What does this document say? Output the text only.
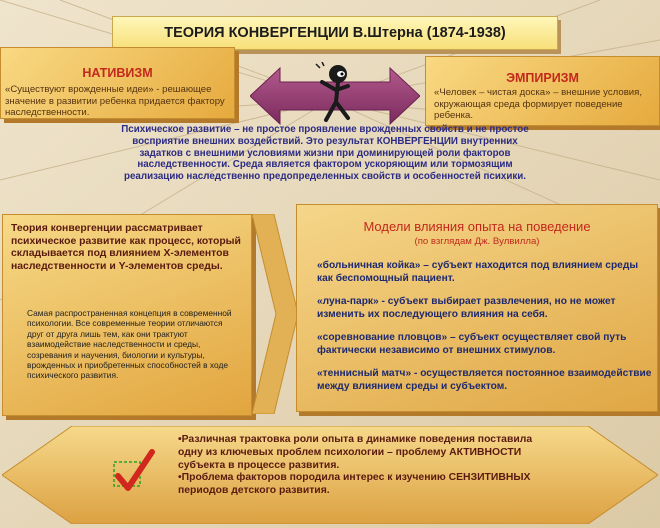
ТЕОРИЯ КОНВЕРГЕНЦИИ В.Штерна (1874-1938)
НАТИВИЗМ
«Существуют врожденные идеи» - решающее значение в развитии ребенка придается фактору наследственности.
ЭМПИРИЗМ
«Человек – чистая доска» – внешние условия, окружающая среда формирует поведение ребенка.
Психическое развитие – не простое проявление врожденных свойств и не простое восприятие внешних воздействий. Это результат КОНВЕРГЕНЦИИ внутренних задатков с внешними условиями жизни при доминирующей роли факторов наследственности. Среда является фактором ускоряющим или тормозящим реализацию наследственно предопределенных свойств и особенностей психики.
Теория конвергенции рассматривает психическое развитие как процесс, который складывается под влиянием Х-элементов наследственности и Y-элементов среды.
Самая распространенная концепция в современной психологии. Все современные теории отличаются друг от друга лишь тем, как они трактуют взаимодействие наследственности и среды, созревания и научения, биологии и культуры, врожденных и приобретенных способностей в ходе психического развития.
Модели влияния опыта на поведение
(по взглядам Дж. Вулвилла)
«больничная койка» – субъект находится под влиянием среды как беспомощный пациент.
«луна-парк» - субъект выбирает развлечения, но не может изменить их последующего влияния на себя.
«соревнование пловцов» – субъект осуществляет свой путь фактически независимо от внешних стимулов.
«теннисный матч» - осуществляется постоянное взаимодействие между влиянием среды и субъектом.
•Различная трактовка роли опыта в динамике поведения поставила одну из ключевых проблем психологии – проблему АКТИВНОСТИ субъекта в процессе развития.
•Проблема факторов породила интерес к изучению СЕНЗИТИВНЫХ периодов детского развития.
